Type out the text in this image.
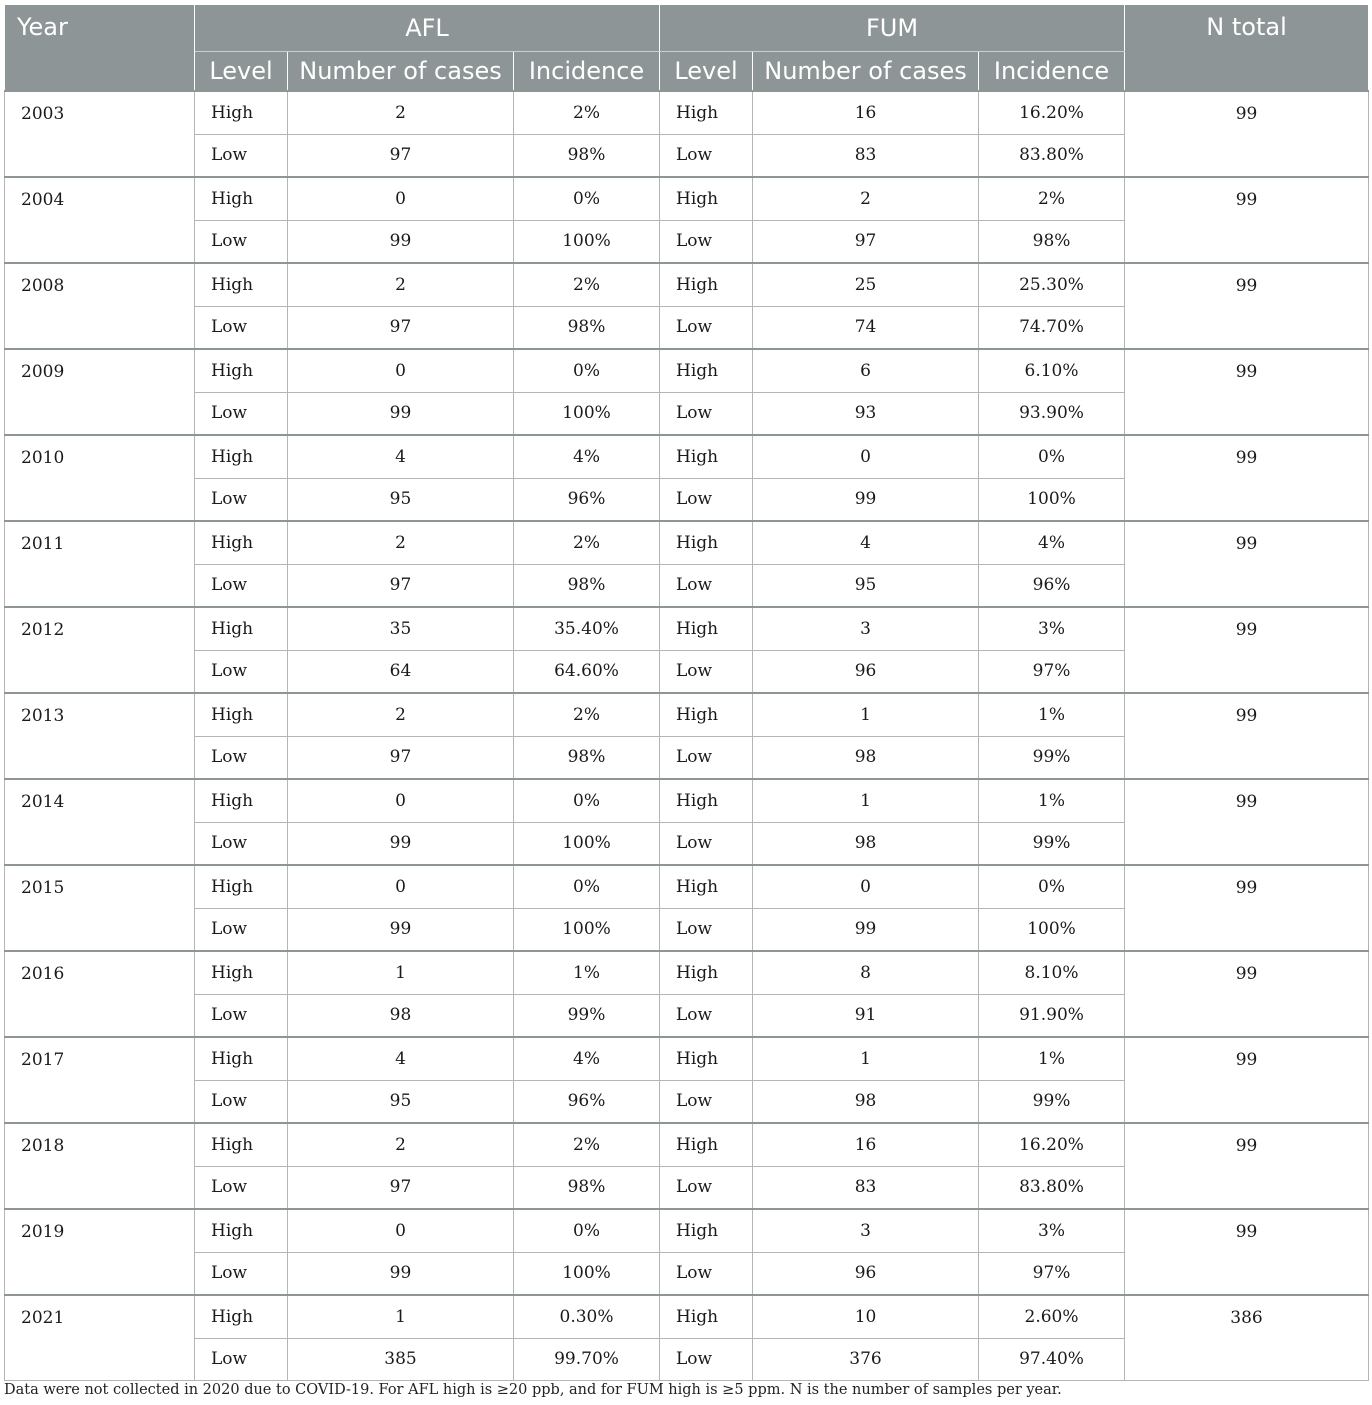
Year	AFL			FUM			N total
	Level	Number of cases	Incidence	Level	Number of cases	Incidence	
2003	High	2	2%	High	16	16.20%	99
	Low	97	98%	Low	83	83.80%	
2004	High	0	0%	High	2	2%	99
	Low	99	100%	Low	97	98%	
2008	High	2	2%	High	25	25.30%	99
	Low	97	98%	Low	74	74.70%	
2009	High	0	0%	High	6	6.10%	99
	Low	99	100%	Low	93	93.90%	
2010	High	4	4%	High	0	0%	99
	Low	95	96%	Low	99	100%	
2011	High	2	2%	High	4	4%	99
	Low	97	98%	Low	95	96%	
2012	High	35	35.40%	High	3	3%	99
	Low	64	64.60%	Low	96	97%	
2013	High	2	2%	High	1	1%	99
	Low	97	98%	Low	98	99%	
2014	High	0	0%	High	1	1%	99
	Low	99	100%	Low	98	99%	
2015	High	0	0%	High	0	0%	99
	Low	99	100%	Low	99	100%	
2016	High	1	1%	High	8	8.10%	99
	Low	98	99%	Low	91	91.90%	
2017	High	4	4%	High	1	1%	99
	Low	95	96%	Low	98	99%	
2018	High	2	2%	High	16	16.20%	99
	Low	97	98%	Low	83	83.80%	
2019	High	0	0%	High	3	3%	99
	Low	99	100%	Low	96	97%	
2021	High	1	0.30%	High	10	2.60%	386
	Low	385	99.70%	Low	376	97.40%	
Data were not collected in 2020 due to COVID-19. For AFL high is ≥20 ppb, and for FUM high is ≥5 ppm. N is the number of samples per year.
